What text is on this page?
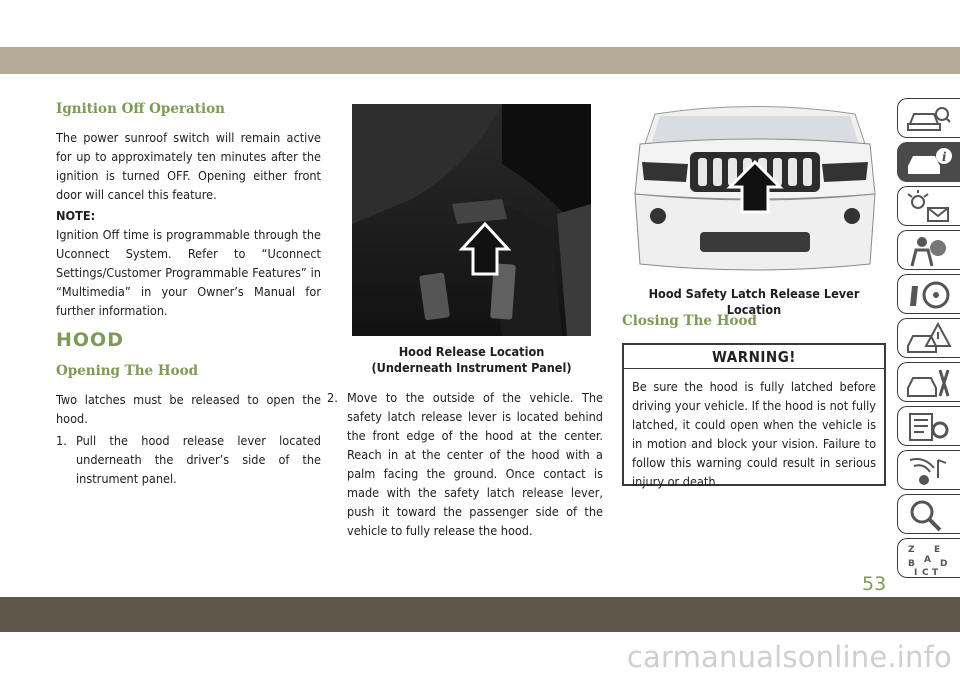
Ignition Off Operation
The power sunroof switch will remain active for up to approximately ten minutes after the ignition is turned OFF. Opening either front door will cancel this feature.
NOTE:
Ignition Off time is programmable through the Uconnect System. Refer to “Uconnect Settings/Customer Programmable Features” in “Multimedia” in your Owner’s Manual for further information.
HOOD
Opening The Hood
Two latches must be released to open the hood.
1. Pull the hood release lever located underneath the driver’s side of the instrument panel.
Hood Release Location
(Underneath Instrument Panel)
2. Move to the outside of the vehicle. The safety latch release lever is located behind the front edge of the hood at the center. Reach in at the center of the hood with a palm facing the ground. Once contact is made with the safety latch release lever, push it toward the passenger side of the vehicle to fully release the hood.
Hood Safety Latch Release Lever Location
Closing The Hood
WARNING!
Be sure the hood is fully latched before driving your vehicle. If the hood is not fully latched, it could open when the vehicle is in motion and block your vision. Failure to follow this warning could result in serious injury or death.
i
Z E
A
B	D
I C T
53
carmanualsonline.info
